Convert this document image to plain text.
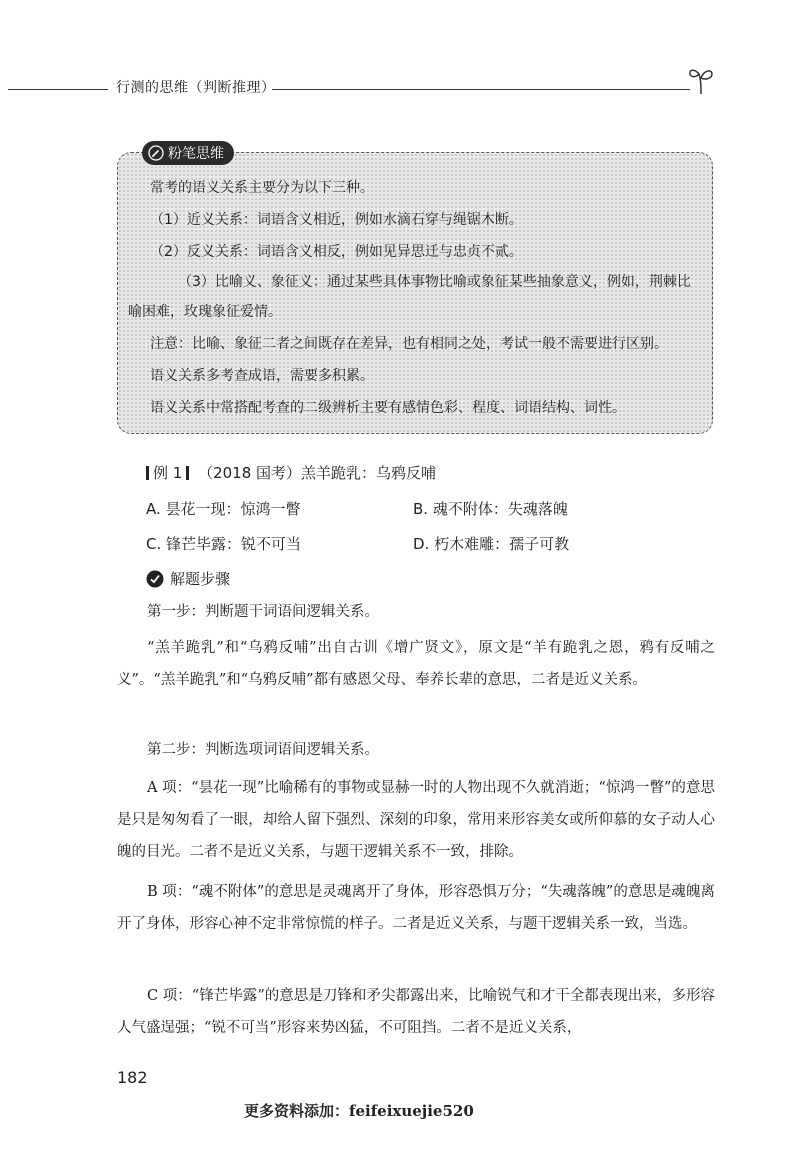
行测的思维（判断推理）
粉笔思维
常考的语义关系主要分为以下三种。
（1）近义关系：词语含义相近，例如水滴石穿与绳锯木断。
（2）反义关系：词语含义相反，例如见异思迁与忠贞不贰。
（3）比喻义、象征义：通过某些具体事物比喻或象征某些抽象意义，例如，荆棘比喻困难，玫瑰象征爱情。
注意：比喻、象征二者之间既存在差异，也有相同之处，考试一般不需要进行区别。
语义关系多考查成语，需要多积累。
语义关系中常搭配考查的二级辨析主要有感情色彩、程度、词语结构、词性。
例 1 （2018 国考）羔羊跪乳：乌鸦反哺
A. 昙花一现：惊鸿一瞥	B. 魂不附体：失魂落魄
C. 锋芒毕露：锐不可当	D. 朽木难雕：孺子可教
解题步骤
第一步：判断题干词语间逻辑关系。
“羔羊跪乳”和“乌鸦反哺”出自古训《增广贤文》，原文是“羊有跪乳之恩，鸦有反哺之义”。“羔羊跪乳”和“乌鸦反哺”都有感恩父母、奉养长辈的意思，二者是近义关系。
第二步：判断选项词语间逻辑关系。
A 项：“昙花一现”比喻稀有的事物或显赫一时的人物出现不久就消逝；“惊鸿一瞥”的意思是只是匆匆看了一眼，却给人留下强烈、深刻的印象，常用来形容美女或所仰慕的女子动人心魄的目光。二者不是近义关系，与题干逻辑关系不一致，排除。
B 项：“魂不附体”的意思是灵魂离开了身体，形容恐惧万分；“失魂落魄”的意思是魂魄离开了身体，形容心神不定非常惊慌的样子。二者是近义关系，与题干逻辑关系一致，当选。
C 项：“锋芒毕露”的意思是刀锋和矛尖都露出来，比喻锐气和才干全都表现出来，多形容人气盛逞强；“锐不可当”形容来势凶猛，不可阻挡。二者不是近义关系，
182
更多资料添加：feifeixuejie520
